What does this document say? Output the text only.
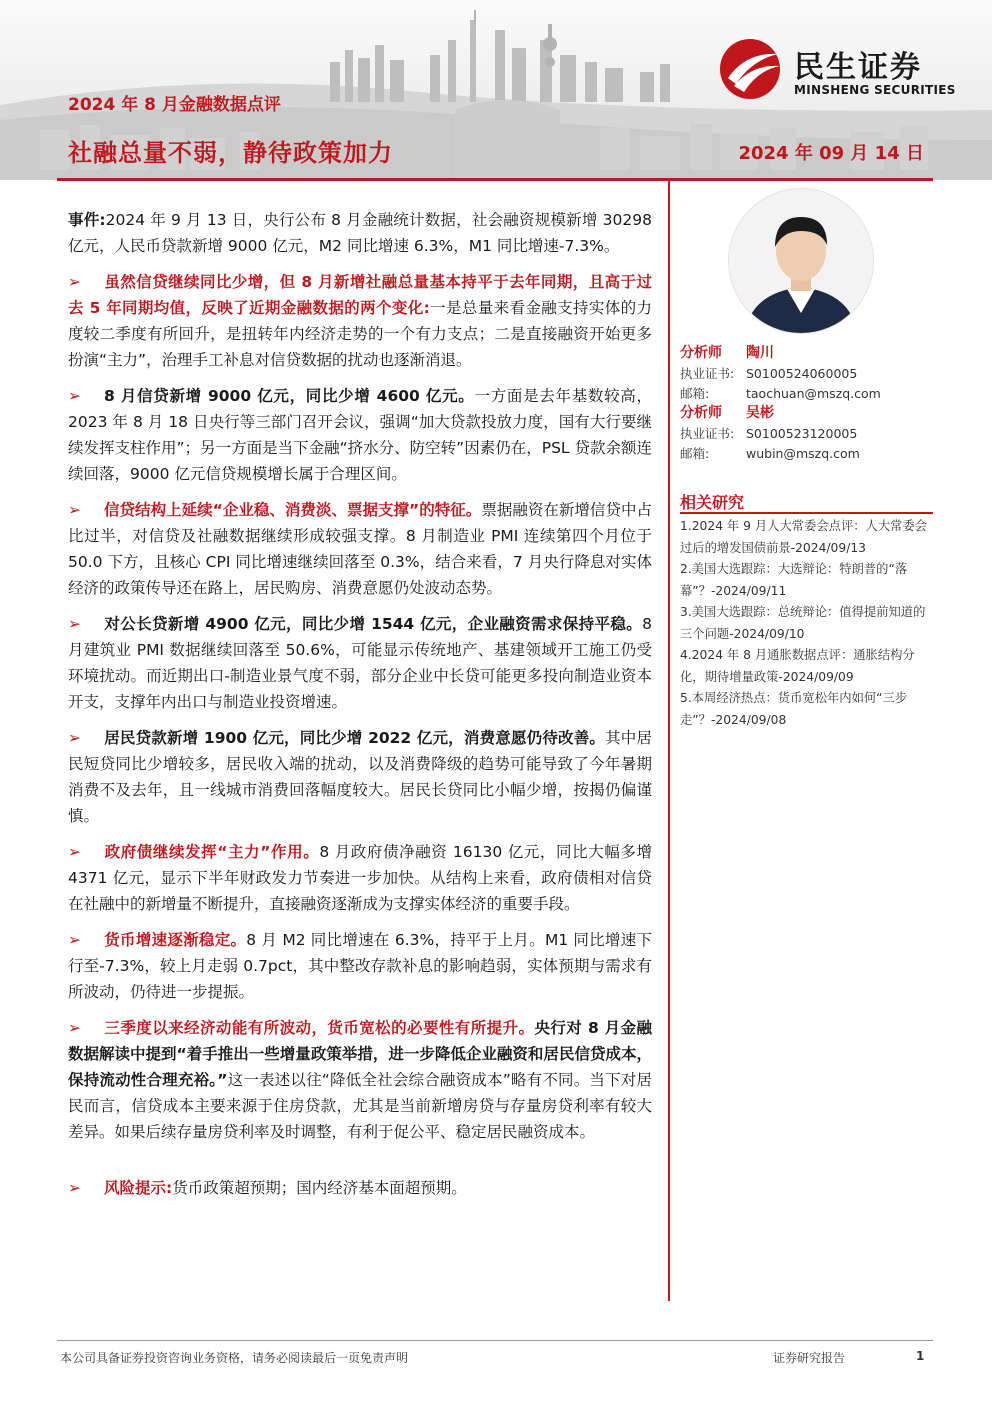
民生证券
MINSHENG SECURITIES
2024 年 8 月金融数据点评
社融总量不弱，静待政策加力	2024 年 09 月 14 日

事件:2024 年 9 月 13 日，央行公布 8 月金融统计数据，社会融资规模新增 30298 亿元，人民币贷款新增 9000 亿元，M2 同比增速 6.3%，M1 同比增速-7.3%。

➢ 虽然信贷继续同比少增，但 8 月新增社融总量基本持平于去年同期，且高于过去 5 年同期均值，反映了近期金融数据的两个变化:一是总量来看金融支持实体的力度较二季度有所回升，是扭转年内经济走势的一个有力支点；二是直接融资开始更多扮演“主力”，治理手工补息对信贷数据的扰动也逐渐消退。

➢ 8 月信贷新增 9000 亿元，同比少增 4600 亿元。一方面是去年基数较高，2023 年 8 月 18 日央行等三部门召开会议，强调“加大贷款投放力度，国有大行要继续发挥支柱作用”；另一方面是当下金融“挤水分、防空转”因素仍在，PSL 贷款余额连续回落，9000 亿元信贷规模增长属于合理区间。

➢ 信贷结构上延续“企业稳、消费淡、票据支撑”的特征。票据融资在新增信贷中占比过半，对信贷及社融数据继续形成较强支撑。8 月制造业 PMI 连续第四个月位于 50.0 下方，且核心 CPI 同比增速继续回落至 0.3%，结合来看，7 月央行降息对实体经济的政策传导还在路上，居民购房、消费意愿仍处波动态势。

➢ 对公长贷新增 4900 亿元，同比少增 1544 亿元，企业融资需求保持平稳。8 月建筑业 PMI 数据继续回落至 50.6%，可能显示传统地产、基建领域开工施工仍受环境扰动。而近期出口-制造业景气度不弱，部分企业中长贷可能更多投向制造业资本开支，支撑年内出口与制造业投资增速。

➢ 居民贷款新增 1900 亿元，同比少增 2022 亿元，消费意愿仍待改善。其中居民短贷同比少增较多，居民收入端的扰动，以及消费降级的趋势可能导致了今年暑期消费不及去年，且一线城市消费回落幅度较大。居民长贷同比小幅少增，按揭仍偏谨慎。

➢ 政府债继续发挥“主力”作用。8 月政府债净融资 16130 亿元，同比大幅多增 4371 亿元，显示下半年财政发力节奏进一步加快。从结构上来看，政府债相对信贷在社融中的新增量不断提升，直接融资逐渐成为支撑实体经济的重要手段。

➢ 货币增速逐渐稳定。8 月 M2 同比增速在 6.3%，持平于上月。M1 同比增速下行至-7.3%，较上月走弱 0.7pct，其中整改存款补息的影响趋弱，实体预期与需求有所波动，仍待进一步提振。

➢ 三季度以来经济动能有所波动，货币宽松的必要性有所提升。央行对 8 月金融数据解读中提到“着手推出一些增量政策举措，进一步降低企业融资和居民信贷成本，保持流动性合理充裕。”这一表述以往“降低全社会综合融资成本”略有不同。当下对居民而言，信贷成本主要来源于住房贷款，尤其是当前新增房贷与存量房贷利率有较大差异。如果后续存量房贷利率及时调整，有利于促公平、稳定居民融资成本。

➢ 风险提示:货币政策超预期；国内经济基本面超预期。

分析师 陶川
执业证书: S0100524060005
邮箱:	taochuan@mszq.com
分析师 吴彬
执业证书: S0100523120005
邮箱:	wubin@mszq.com
相关研究
1.2024 年 9 月人大常委会点评：人大常委会过后的增发国债前景-2024/09/13
2.美国大选跟踪：大选辩论：特朗普的“落幕”？-2024/09/11
3.美国大选跟踪：总统辩论：值得提前知道的三个问题-2024/09/10
4.2024 年 8 月通胀数据点评：通胀结构分化，期待增量政策-2024/09/09
5.本周经济热点：货币宽松年内如何“三步走”？-2024/09/08
本公司具备证券投资咨询业务资格，请务必阅读最后一页免责声明	证券研究报告	1
